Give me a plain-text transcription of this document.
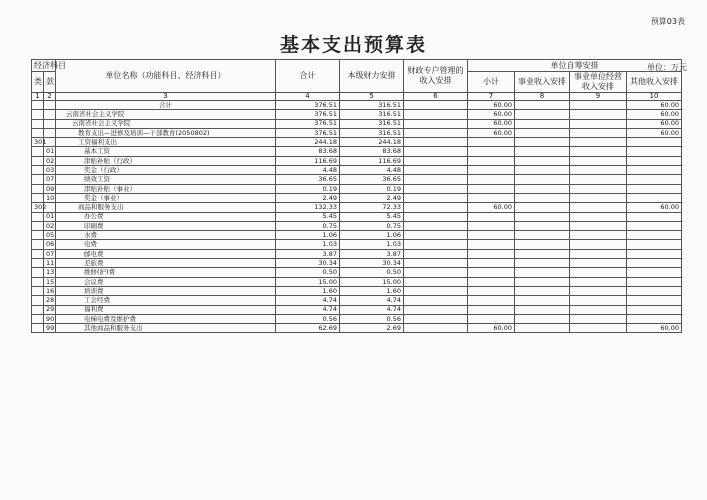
预算03表
基本支出预算表
单位：万元
经济科目		单位名称（功能科目、经济科目）	合计	本级财力安排	财政专户管理的收入安排	单位自筹安排			
类	款					小计	事业收入安排	事业单位经营收入安排	其他收入安排

1	2	3	4	5	6	7	8	9	10
		合计	376.51	316.51		60.00			60.00
		云南省社会主义学院	376.51	316.51		60.00			60.00
		云南省社会主义学院	376.51	316.51		60.00			60.00
		教育支出—进修及培训—干部教育(2050802)	376.51	316.51		60.00			60.00
301		工资福利支出	244.18	244.18					
	01	基本工资	83.68	83.68					
	02	津贴补贴（行政）	116.69	116.69					
	03	奖金（行政）	4.48	4.48					
	07	绩效工资	36.65	36.65					
	09	津贴补贴（事业）	0.19	0.19					
	10	奖金（事业）	2.49	2.49					
302		商品和服务支出	132.33	72.33		60.00			60.00
	01	办公费	5.45	5.45					
	02	印刷费	0.75	0.75					
	05	水费	1.06	1.06					
	06	电费	1.03	1.03					
	07	邮电费	3.87	3.87					
	11	差旅费	30.34	30.34					
	13	维修(护)费	0.50	0.50					
	15	会议费	15.00	15.00					
	16	培训费	1.60	1.60					
	28	工会经费	4.74	4.74					
	29	福利费	4.74	4.74					
	90	电梯电费及维护费	0.56	0.56					
	99	其他商品和服务支出	62.69	2.69		60.00			60.00
